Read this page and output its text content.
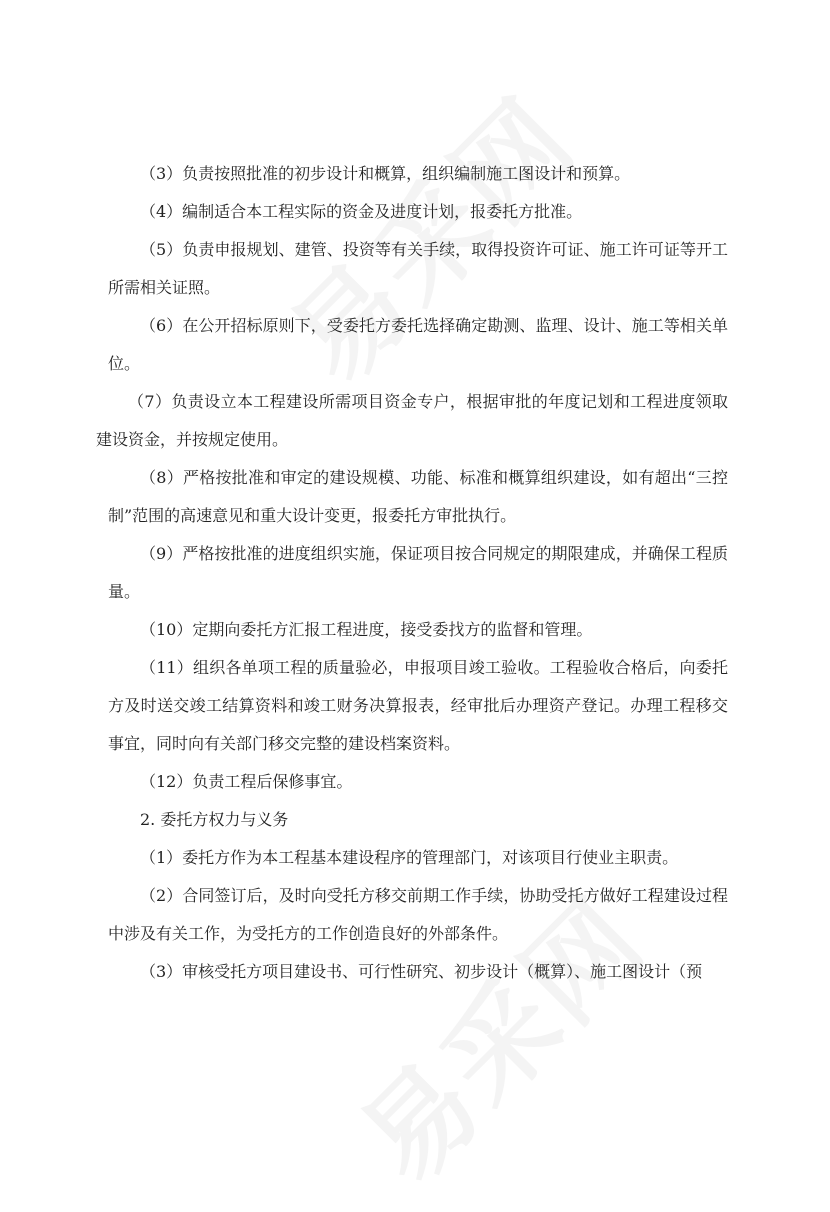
（3）负责按照批准的初步设计和概算，组织编制施工图设计和预算。

（4）编制适合本工程实际的资金及进度计划，报委托方批准。

（5）负责申报规划、建管、投资等有关手续，取得投资许可证、施工许可证等开工所需相关证照。

（6）在公开招标原则下，受委托方委托选择确定勘测、监理、设计、施工等相关单位。

（7）负责设立本工程建设所需项目资金专户，根据审批的年度记划和工程进度领取建设资金，并按规定使用。

（8）严格按批准和审定的建设规模、功能、标准和概算组织建设，如有超出“三控制”范围的高速意见和重大设计变更，报委托方审批执行。

（9）严格按批准的进度组织实施，保证项目按合同规定的期限建成，并确保工程质量。

（10）定期向委托方汇报工程进度，接受委找方的监督和管理。

（11）组织各单项工程的质量验必，申报项目竣工验收。工程验收合格后，向委托方及时送交竣工结算资料和竣工财务决算报表，经审批后办理资产登记。办理工程移交事宜，同时向有关部门移交完整的建设档案资料。

（12）负责工程后保修事宜。

2. 委托方权力与义务

（1）委托方作为本工程基本建设程序的管理部门，对该项目行使业主职责。

（2）合同签订后，及时向受托方移交前期工作手续，协助受托方做好工程建设过程中涉及有关工作，为受托方的工作创造良好的外部条件。

（3）审核受托方项目建设书、可行性研究、初步设计（概算）、施工图设计（预
